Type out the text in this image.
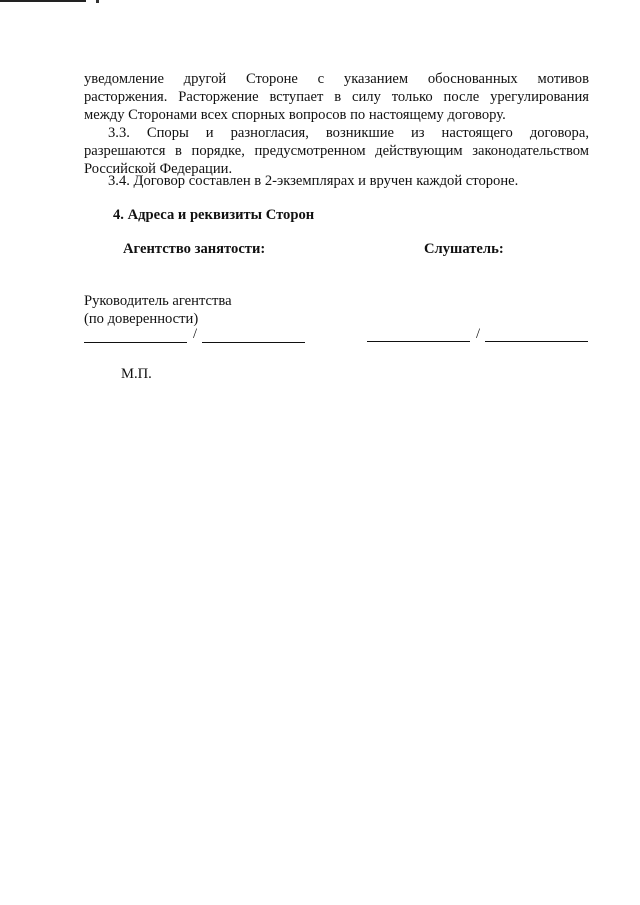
уведомление другой Стороне с указанием обоснованных мотивов
расторжения. Расторжение вступает в силу только после урегулирования
между Сторонами всех спорных вопросов по настоящему договору.
3.3. Споры и разногласия, возникшие из настоящего договора,
разрешаются в порядке, предусмотренном действующим законодательством
Российской Федерации.
3.4. Договор составлен в 2-экземплярах и вручен каждой стороне.
4. Адреса и реквизиты Сторон
Агентство занятости:	Слушатель:
Руководитель агентства
(по доверенности)
/	/
М.П.
